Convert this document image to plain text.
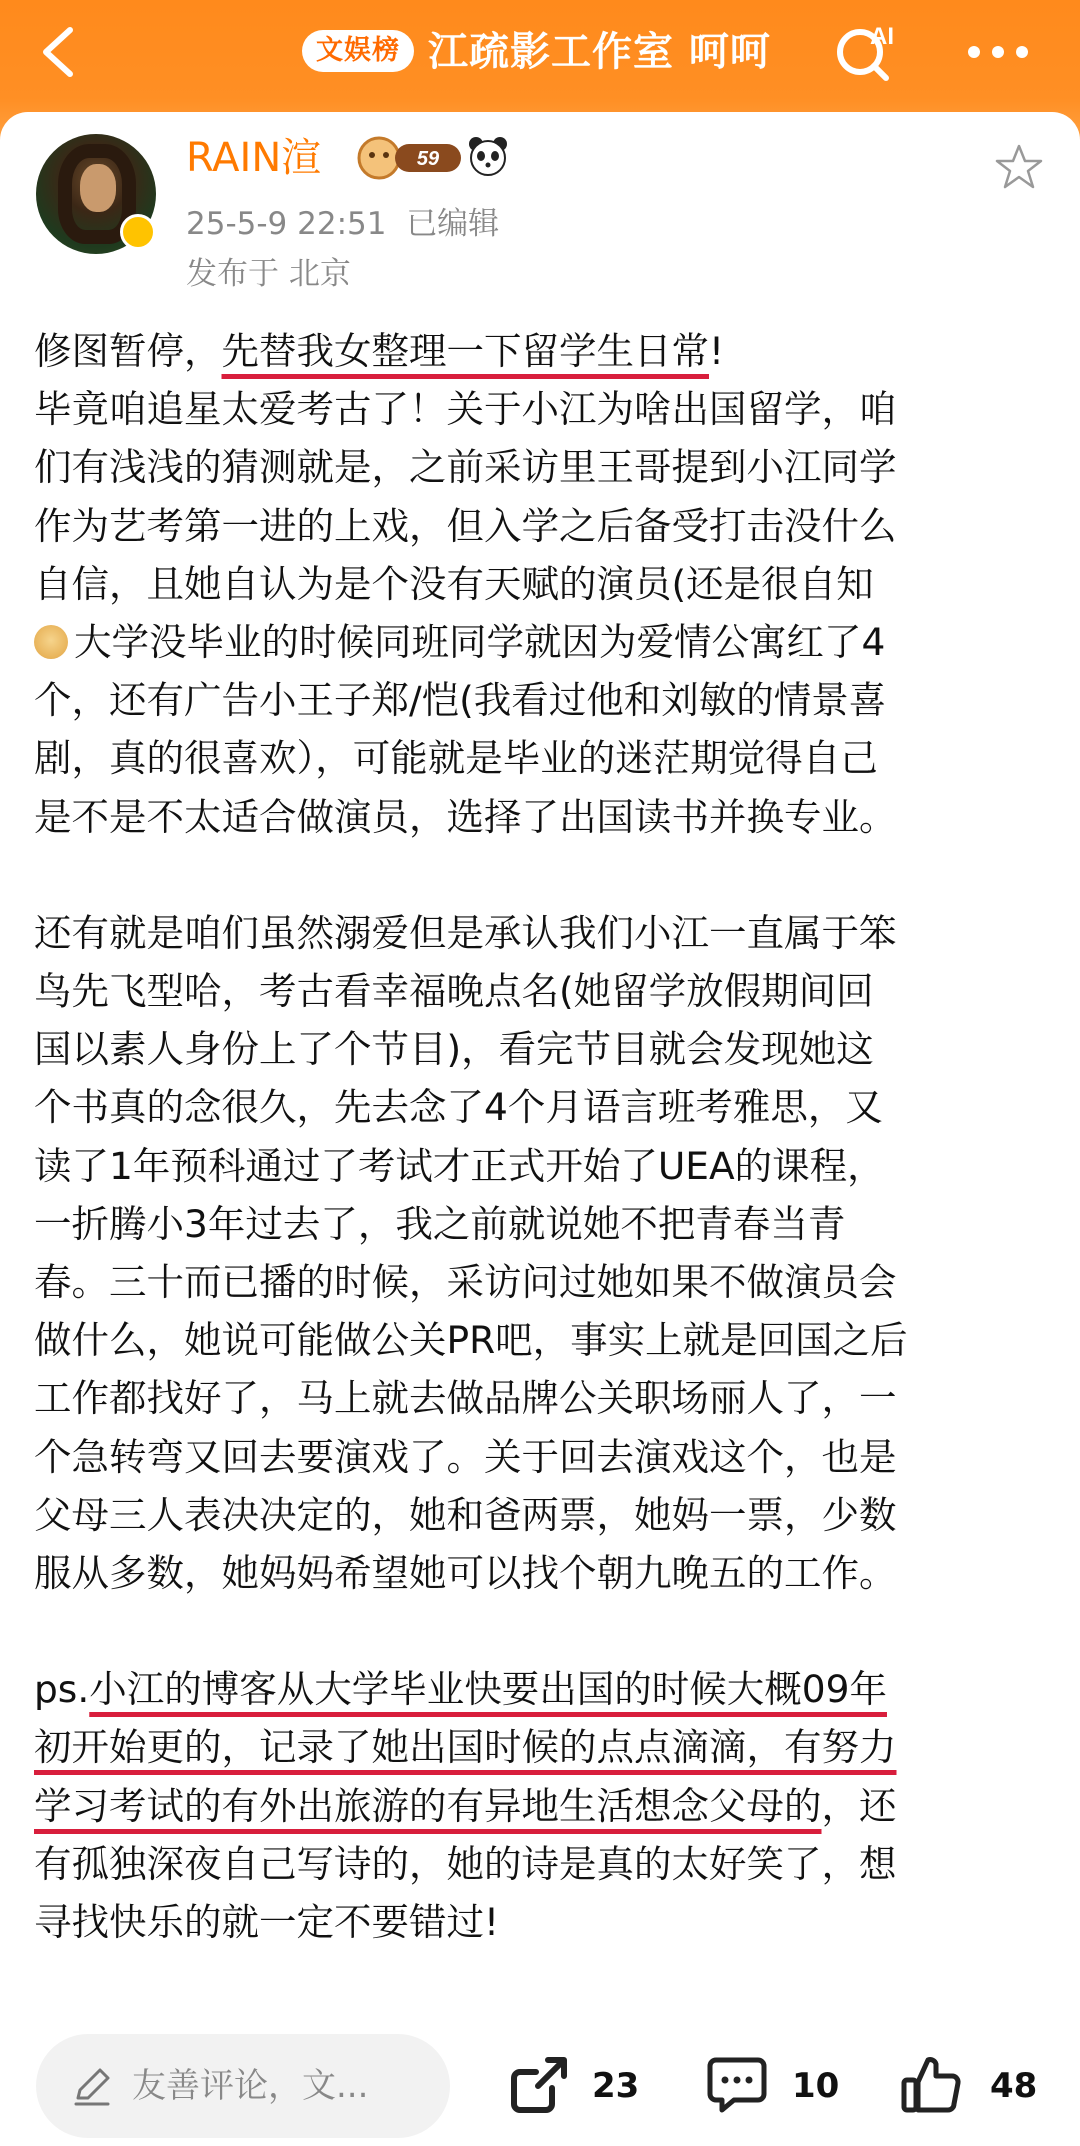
文娱榜 江疏影工作室 呵呵	AI
RAIN渲	59
25-5-9 22:51 已编辑
发布于 北京

修图暂停，先替我女整理一下留学生日常!

毕竟咱追星太爱考古了！关于小江为啥出国留学，咱

们有浅浅的猜测就是，之前采访里王哥提到小江同学

作为艺考第一进的上戏，但入学之后备受打击没什么

自信，且她自认为是个没有天赋的演员(还是很自知

大学没毕业的时候同班同学就因为爱情公寓红了4

个，还有广告小王子郑/恺(我看过他和刘敏的情景喜

剧，真的很喜欢），可能就是毕业的迷茫期觉得自己

是不是不太适合做演员，选择了出国读书并换专业。

还有就是咱们虽然溺爱但是承认我们小江一直属于笨

鸟先飞型哈，考古看幸福晚点名(她留学放假期间回

国以素人身份上了个节目)，看完节目就会发现她这

个书真的念很久，先去念了4个月语言班考雅思，又

读了1年预科通过了考试才正式开始了UEA的课程，

一折腾小3年过去了，我之前就说她不把青春当青

春。三十而已播的时候，采访问过她如果不做演员会

做什么，她说可能做公关PR吧，事实上就是回国之后

工作都找好了，马上就去做品牌公关职场丽人了，一

个急转弯又回去要演戏了。关于回去演戏这个，也是

父母三人表决决定的，她和爸两票，她妈一票，少数

服从多数，她妈妈希望她可以找个朝九晚五的工作。

ps.小江的博客从大学毕业快要出国的时候大概09年

初开始更的，记录了她出国时候的点点滴滴，有努力

学习考试的有外出旅游的有异地生活想念父母的，还

有孤独深夜自己写诗的，她的诗是真的太好笑了，想

寻找快乐的就一定不要错过!

友善评论，文...	23	10	48
